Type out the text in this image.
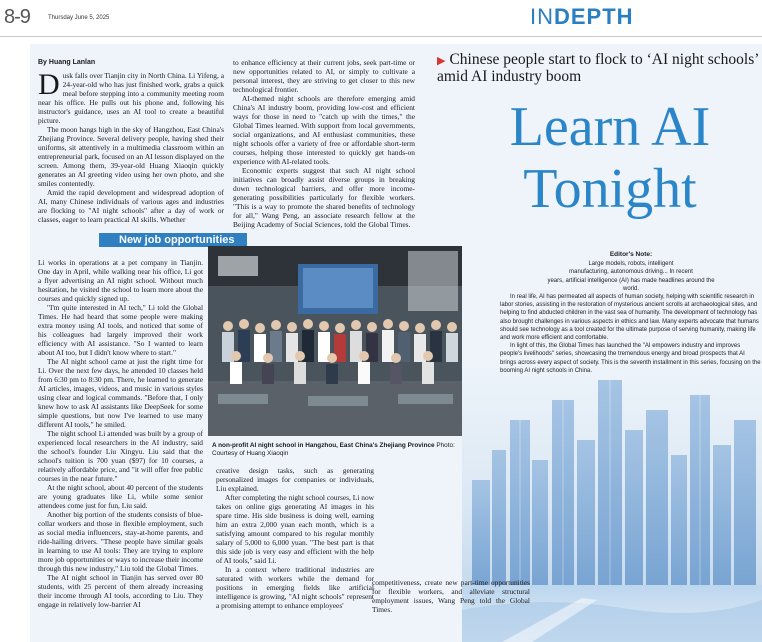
8-9	Thursday June 5, 2025	INDEPTH
By Huang Lanlan

Dusk falls over Tianjin city in North China. Li Yifeng, a 24-year-old who has just finished work, grabs a quick meal before stepping into a community meeting room near his office. He pulls out his phone and, following his instructor's guidance, uses an AI tool to create a beautiful picture.

The moon hangs high in the sky of Hangzhou, East China's Zhejiang Province. Several delivery people, having shed their uniforms, sit attentively in a multimedia classroom within an entrepreneurial park, focused on an AI lesson displayed on the screen. Among them, 39-year-old Huang Xiaoqin quickly generates an AI greeting video using her own photo, and she smiles contentedly.

Amid the rapid development and widespread adoption of AI, many Chinese individuals of various ages and industries are flocking to "AI night schools" after a day of work or classes, eager to learn practical AI skills. Whether

to enhance efficiency at their current jobs, seek part-time or new opportunities related to AI, or simply to cultivate a personal interest, they are striving to get closer to this new technological frontier.

AI-themed night schools are therefore emerging amid China's AI industry boom, providing low-cost and efficient ways for those in need to "catch up with the times," the Global Times learned. With support from local governments, social organizations, and AI enthusiast communities, these night schools offer a variety of free or affordable short-term courses, helping those interested to quickly get hands-on experience with AI-related tools.

Economic experts suggest that such AI night school initiatives can broadly assist diverse groups in breaking down technological barriers, and offer more income-generating possibilities particularly for flexible workers. "This is a way to promote the shared benefits of technology for all," Wang Peng, an associate research fellow at the Beijing Academy of Social Sciences, told the Global Times.

▶ Chinese people start to flock to ‘AI night schools’ amid AI industry boom
Learn AI
Tonight
New job opportunities

Li works in operations at a pet company in Tianjin. One day in April, while walking near his office, Li got a flyer advertising an AI night school. Without much hesitation, he visited the school to learn more about the courses and quickly signed up.

"I'm quite interested in AI tech," Li told the Global Times. He had heard that some people were making extra money using AI tools, and noticed that some of his colleagues had largely improved their work efficiency with AI assistance. "So I wanted to learn about AI too, but I didn't know where to start."

The AI night school came at just the right time for Li. Over the next few days, he attended 10 classes held from 6:30 pm to 8:30 pm. There, he learned to generate AI articles, images, videos, and music in various styles using clear and logical commands. "Before that, I only knew how to ask AI assistants like DeepSeek for some simple questions, but now I've learned to use many different AI tools," he smiled.

The night school Li attended was built by a group of experienced local researchers in the AI industry, said the school's founder Liu Xingyu. Liu said that the school's tuition is 700 yuan ($97) for 10 courses, a relatively affordable price, and "it will offer free public courses in the near future."

At the night school, about 40 percent of the students are young graduates like Li, while some senior attendees come just for fun, Liu said.

Another big portion of the students consists of blue-collar workers and those in flexible employment, such as social media influencers, stay-at-home parents, and ride-hailing drivers. "These people have similar goals in learning to use AI tools: They are trying to explore more job opportunities or ways to increase their income through this new industry," Liu told the Global Times.

The AI night school in Tianjin has served over 80 students, with 25 percent of them already increasing their income through AI tools, according to Liu. They engage in relatively low-barrier AI

A non-profit AI night school in Hangzhou, East China's Zhejiang Province Photo: Courtesy of Huang Xiaoqin
Editor's Note:
Large models, robots, intelligent
manufacturing, autonomous driving... In recent
years, artificial intelligence (AI) has made headlines around the
world.
In real life, AI has permeated all aspects of human society, helping with scientific research in labor stories, assisting in the restoration of mysterious ancient scrolls at archaeological sites, and helping to find abducted children in the vast sea of humanity. The development of technology has also brought challenges in various aspects in ethics and law. Many experts advocate that humans should see technology as a tool created for the ultimate purpose of serving humanity, making life and work more efficient and comfortable.
In light of this, the Global Times has launched the "AI empowers industry and improves people's livelihoods" series, showcasing the tremendous energy and broad prospects that AI brings across every aspect of society. This is the seventh installment in this series, focusing on the booming AI night schools in China.

creative design tasks, such as generating personalized images for companies or individuals, Liu explained.

After completing the night school courses, Li now takes on online gigs generating AI images in his spare time. His side business is doing well, earning him an extra 2,000 yuan each month, which is a satisfying amount compared to his regular monthly salary of 5,000 to 6,000 yuan. "The best part is that this side job is very easy and efficient with the help of AI tools," said Li.

In a context where traditional industries are saturated with workers while the demand for positions in emerging fields like artificial intelligence is growing, "AI night schools" represent a promising attempt to enhance employees'

competitiveness, create new part-time opportunities for flexible workers, and alleviate structural employment issues, Wang Peng told the Global Times.
